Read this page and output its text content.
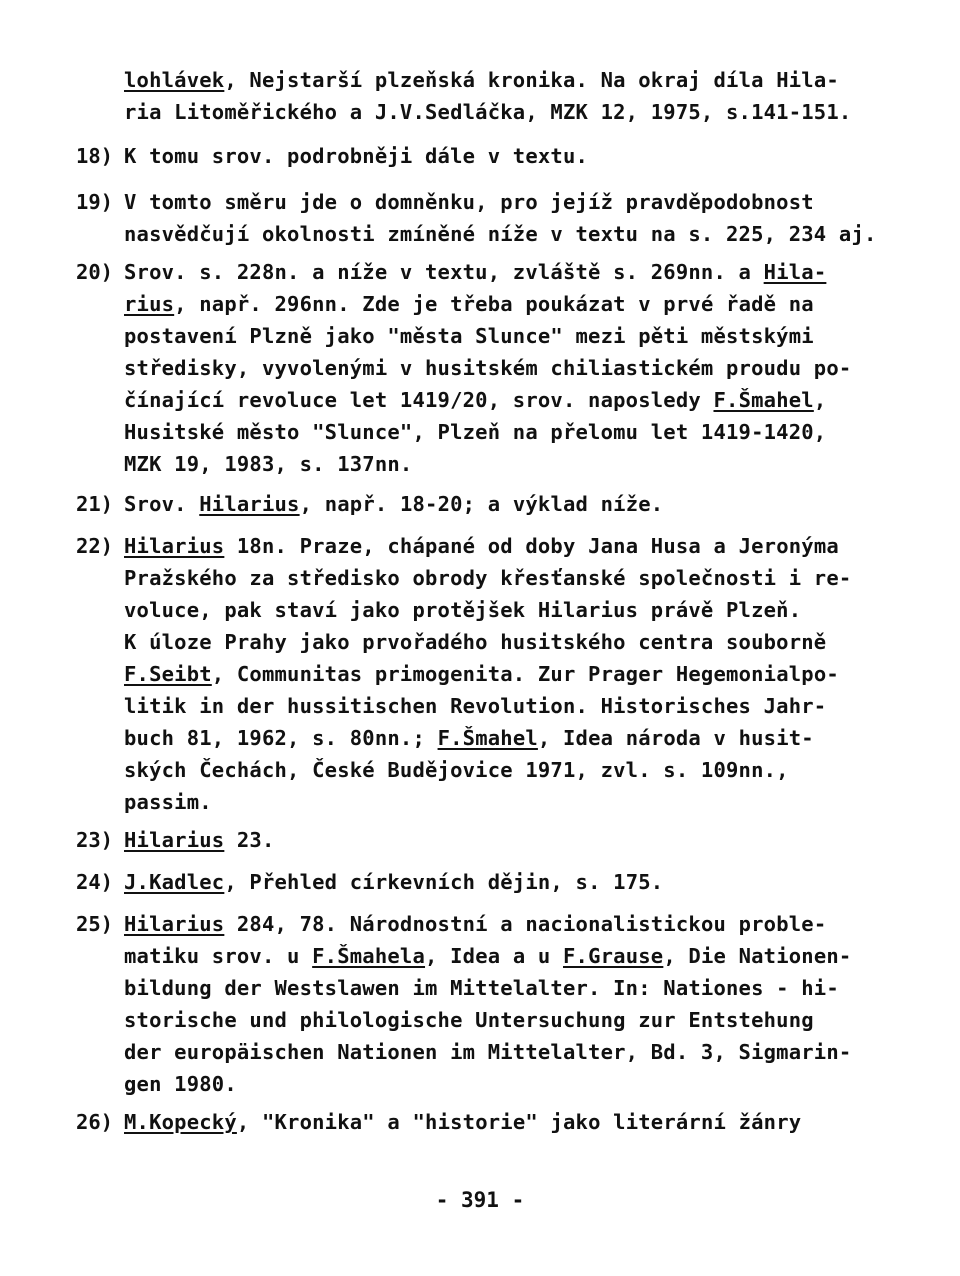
lohlávek, Nejstarší plzeňská kronika. Na okraj díla Hila-
ria Litoměřického a J.V.Sedláčka, MZK 12, 1975, s.141-151.
18) K tomu srov. podrobněji dále v textu.
19) V tomto směru jde o domněnku, pro jejíž pravděpodobnost
nasvědčují okolnosti zmíněné níže v textu na s. 225, 234 aj.
20) Srov. s. 228n. a níže v textu, zvláště s. 269nn. a Hila-
rius, např. 296nn. Zde je třeba poukázat v prvé řadě na
postavení Plzně jako "města Slunce" mezi pěti městskými
středisky, vyvolenými v husitském chiliastickém proudu po-
čínající revoluce let 1419/20, srov. naposledy F.Šmahel,
Husitské město "Slunce", Plzeň na přelomu let 1419-1420,
MZK 19, 1983, s. 137nn.
21) Srov. Hilarius, např. 18-20; a výklad níže.
22) Hilarius 18n. Praze, chápané od doby Jana Husa a Jeronýma
Pražského za středisko obrody křesťanské společnosti i re-
voluce, pak staví jako protějšek Hilarius právě Plzeň.
K úloze Prahy jako prvořadého husitského centra souborně
F.Seibt, Communitas primogenita. Zur Prager Hegemonialpo-
litik in der hussitischen Revolution. Historisches Jahr-
buch 81, 1962, s. 80nn.; F.Šmahel, Idea národa v husit-
ských Čechách, České Budějovice 1971, zvl. s. 109nn.,
passim.
23) Hilarius 23.
24) J.Kadlec, Přehled církevních dějin, s. 175.
25) Hilarius 284, 78. Národnostní a nacionalistickou proble-
matiku srov. u F.Šmahela, Idea a u F.Grause, Die Nationen-
bildung der Westslawen im Mittelalter. In: Nationes - hi-
storische und philologische Untersuchung zur Entstehung
der europäischen Nationen im Mittelalter, Bd. 3, Sigmarin-
gen 1980.
26) M.Kopecký, "Kronika" a "historie" jako literární žánry
- 391 -
